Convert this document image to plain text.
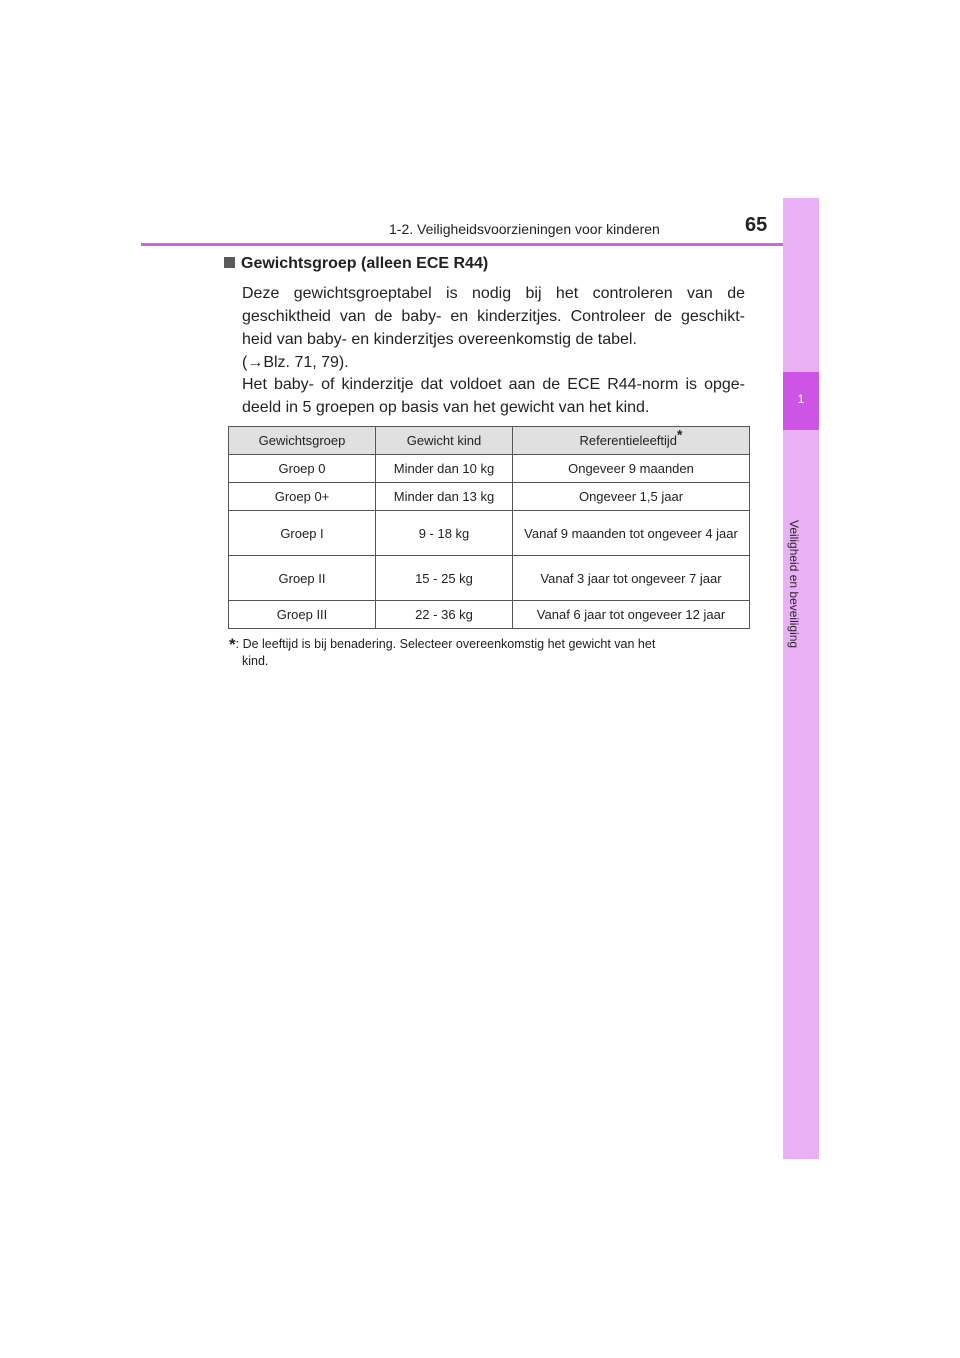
1-2. Veiligheidsvoorzieningen voor kinderen	65
1
Veiligheid en beveiliging
Gewichtsgroep (alleen ECE R44)
Deze gewichtsgroeptabel is nodig bij het controleren van de
geschiktheid van de baby- en kinderzitjes. Controleer de geschikt-
heid van baby- en kinderzitjes overeenkomstig de tabel.
(→Blz. 71, 79).
Het baby- of kinderzitje dat voldoet aan de ECE R44-norm is opge-
deeld in 5 groepen op basis van het gewicht van het kind.
Gewichtsgroep	Gewicht kind	Referentieleeftijd*
Groep 0	Minder dan 10 kg	Ongeveer 9 maanden
Groep 0+	Minder dan 13 kg	Ongeveer 1,5 jaar
Groep I	9 - 18 kg	Vanaf 9 maanden tot ongeveer 4 jaar
Groep II	15 - 25 kg	Vanaf 3 jaar tot ongeveer 7 jaar
Groep III	22 - 36 kg	Vanaf 6 jaar tot ongeveer 12 jaar
*: De leeftijd is bij benadering. Selecteer overeenkomstig het gewicht van het
kind.
